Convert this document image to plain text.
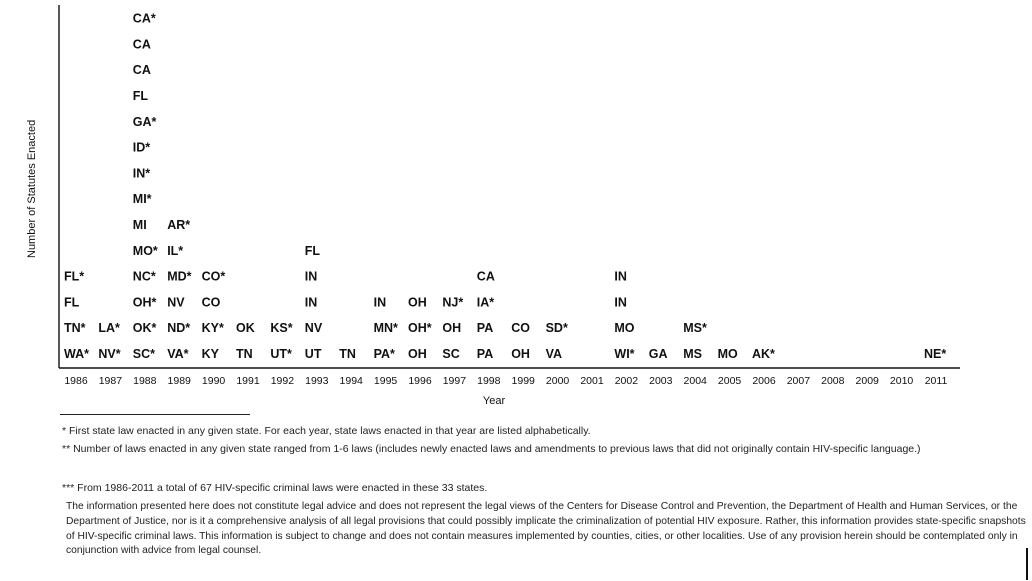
1986 1987 1988 1989 1990 1991 1992 1993 1994 1995 1996 1997 1998 1999 2000 2001 2002 2003 2004 2005 2006 2007 2008 2009 2010 2011
Year
WA*
TN*
FL
FL*
NV*
LA*
SC*
OK*
OH*
NC*
MO*
MI
MI*
IN*
ID*
GA*
FL
CA
CA
CA*
VA*
ND*
NV
MD*
IL*
AR*
KY
KY*
CO
CO*
TN
OK
UT*
KS*
UT
NV
IN
IN
FL
TN PA*
MN*
IN
OH
OH*
OH
SC
OH
NJ*
PA
PA
IA*
CA
OH
CO
VA
SD*
WI*
MO
IN
IN
GA MS
MS*
MO AK*	NE*
Number of Statutes Enacted
* First state law enacted in any given state. For each year, state laws enacted in that year are listed alphabetically.
** Number of laws enacted in any given state ranged from 1-6 laws (includes newly enacted laws and amendments to previous laws that did not originally contain HIV-specific language.)
*** From 1986-2011 a total of 67 HIV-specific criminal laws were enacted in these 33 states.
The information presented here does not constitute legal advice and does not represent the legal views of the Centers for Disease Control and Prevention, the Department of Health and Human Services, or the Department of Justice, nor is it a comprehensive analysis of all legal provisions that could possibly implicate the criminalization of potential HIV exposure. Rather, this information provides state-specific snapshots of HIV-specific criminal laws. This information is subject to change and does not contain measures implemented by counties, cities, or other localities. Use of any provision herein should be contemplated only in conjunction with advice from legal counsel.
